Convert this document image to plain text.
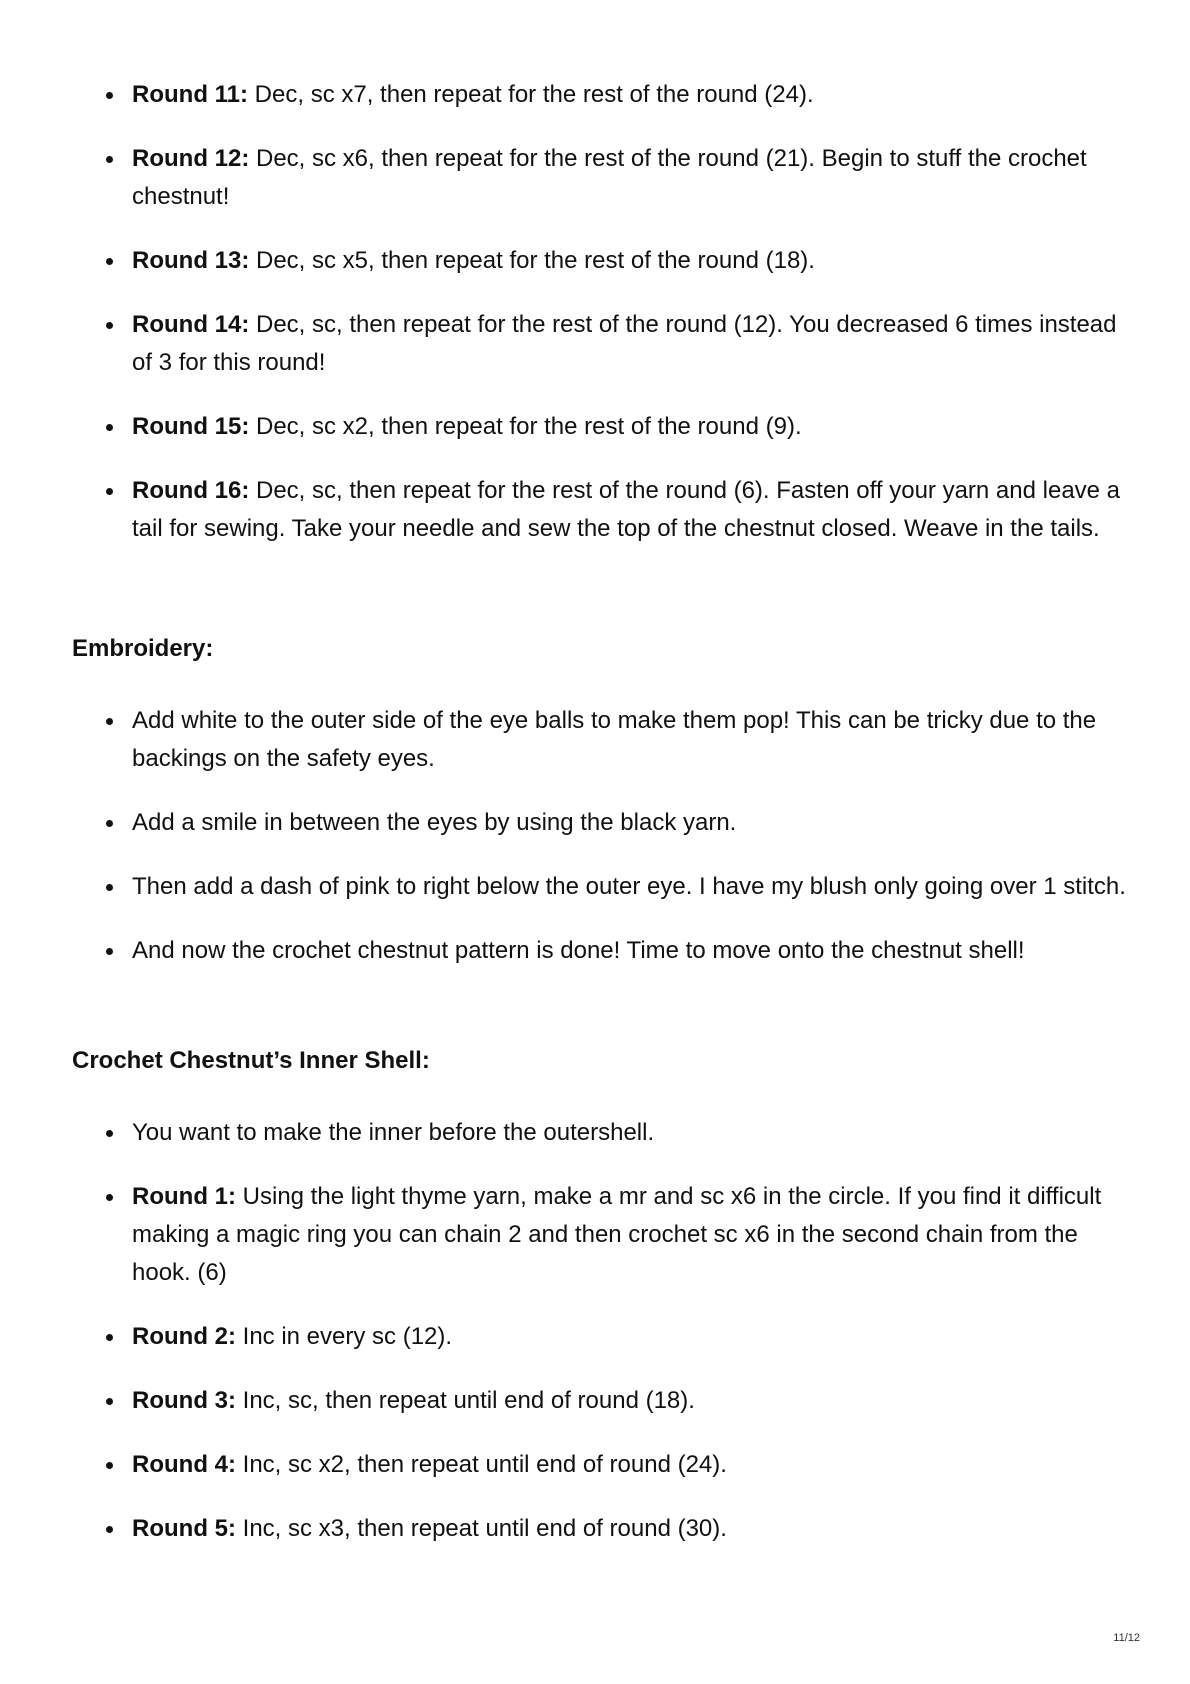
Round 11: Dec, sc x7, then repeat for the rest of the round (24).
Round 12: Dec, sc x6, then repeat for the rest of the round (21). Begin to stuff the crochet chestnut!
Round 13: Dec, sc x5, then repeat for the rest of the round (18).
Round 14: Dec, sc, then repeat for the rest of the round (12). You decreased 6 times instead of 3 for this round!
Round 15: Dec, sc x2, then repeat for the rest of the round (9).
Round 16: Dec, sc, then repeat for the rest of the round (6). Fasten off your yarn and leave a tail for sewing. Take your needle and sew the top of the chestnut closed. Weave in the tails.
Embroidery:
Add white to the outer side of the eye balls to make them pop! This can be tricky due to the backings on the safety eyes.
Add a smile in between the eyes by using the black yarn.
Then add a dash of pink to right below the outer eye. I have my blush only going over 1 stitch.
And now the crochet chestnut pattern is done! Time to move onto the chestnut shell!
Crochet Chestnut’s Inner Shell:
You want to make the inner before the outershell.
Round 1: Using the light thyme yarn, make a mr and sc x6 in the circle. If you find it difficult making a magic ring you can chain 2 and then crochet sc x6 in the second chain from the hook. (6)
Round 2: Inc in every sc (12).
Round 3: Inc, sc, then repeat until end of round (18).
Round 4: Inc, sc x2, then repeat until end of round (24).
Round 5: Inc, sc x3, then repeat until end of round (30).
11/12
